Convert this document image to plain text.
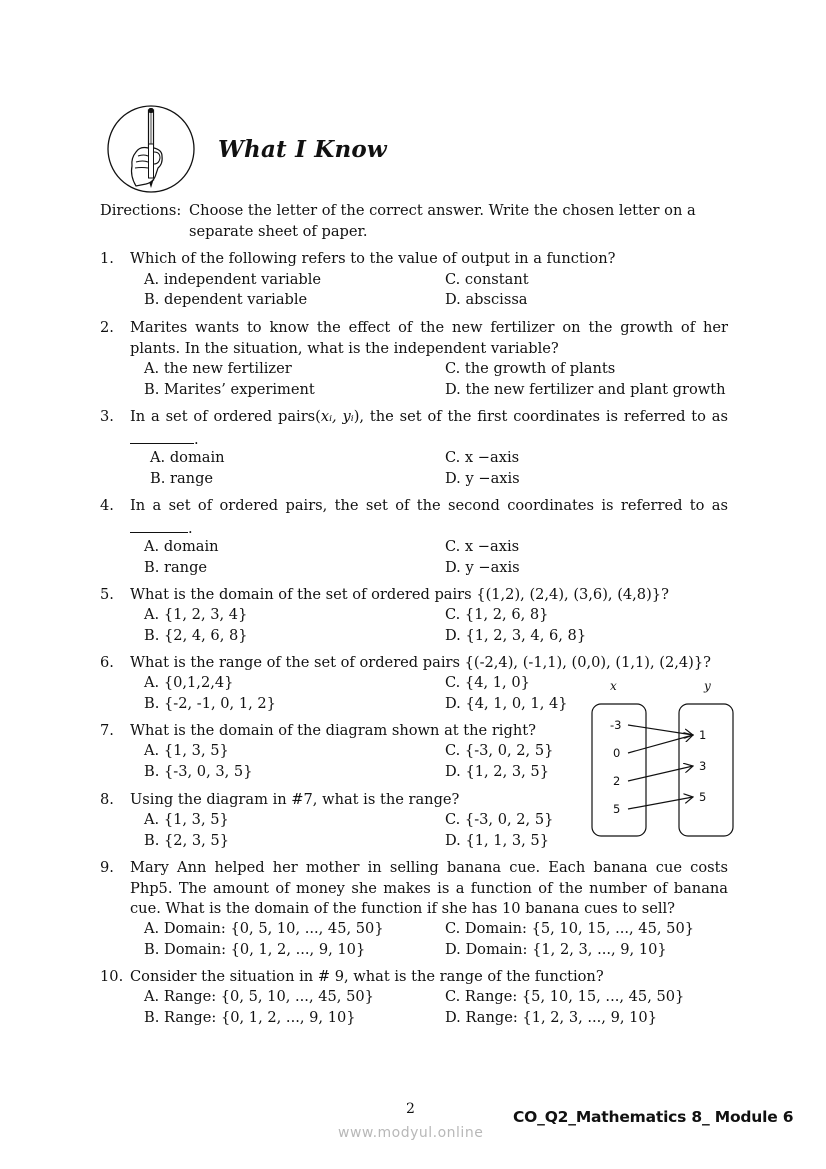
What I Know
Directions: Choose the letter of the correct answer. Write the chosen letter on a separate sheet of paper.
1. Which of the following refers to the value of output in a function?
A. independent variable
B. dependent variable
C. constant
D. abscissa
2. Marites wants to know the effect of the new fertilizer on the growth of her plants. In the situation, what is the independent variable?
A. the new fertilizer
B. Marites’ experiment
C. the growth of plants
D. the new fertilizer and plant growth
3. In a set of ordered pairs(xᵢ, yᵢ), the set of the first coordinates is referred to as
.
A. domain
B. range
C. x −axis
D. y −axis
4. In a set of ordered pairs, the set of the second coordinates is referred to as
.
A. domain
B. range
C. x −axis
D. y −axis
5. What is the domain of the set of ordered pairs {(1,2), (2,4), (3,6), (4,8)}?
A. {1, 2, 3, 4}
B. {2, 4, 6, 8}
C. {1, 2, 6, 8}
D. {1, 2, 3, 4, 6, 8}
6. What is the range of the set of ordered pairs {(-2,4), (-1,1), (0,0), (1,1), (2,4)}?
A. {0,1,2,4}
B. {-2, -1, 0, 1, 2}
C. {4, 1, 0}
D. {4, 1, 0, 1, 4}
7. What is the domain of the diagram shown at the right?
A. {1, 3, 5}
B. {-3, 0, 3, 5}
C. {-3, 0, 2, 5}
D. {1, 2, 3, 5}
8. Using the diagram in #7, what is the range?
A. {1, 3, 5}
B. {2, 3, 5}
C. {-3, 0, 2, 5}
D. {1, 1, 3, 5}
x	y
-3
0
2
5
1
3
5
9. Mary Ann helped her mother in selling banana cue. Each banana cue costs Php5. The amount of money she makes is a function of the number of banana cue. What is the domain of the function if she has 10 banana cues to sell?
A. Domain: {0, 5, 10, ..., 45, 50}
B. Domain: {0, 1, 2, ..., 9, 10}
C. Domain: {5, 10, 15, ..., 45, 50}
D. Domain: {1, 2, 3, ..., 9, 10}
10. Consider the situation in # 9, what is the range of the function?
A. Range: {0, 5, 10, ..., 45, 50}
B. Range: {0, 1, 2, ..., 9, 10}
C. Range: {5, 10, 15, ..., 45, 50}
D. Range: {1, 2, 3, ..., 9, 10}
2	CO_Q2_Mathematics 8_ Module 6
www.modyul.online
